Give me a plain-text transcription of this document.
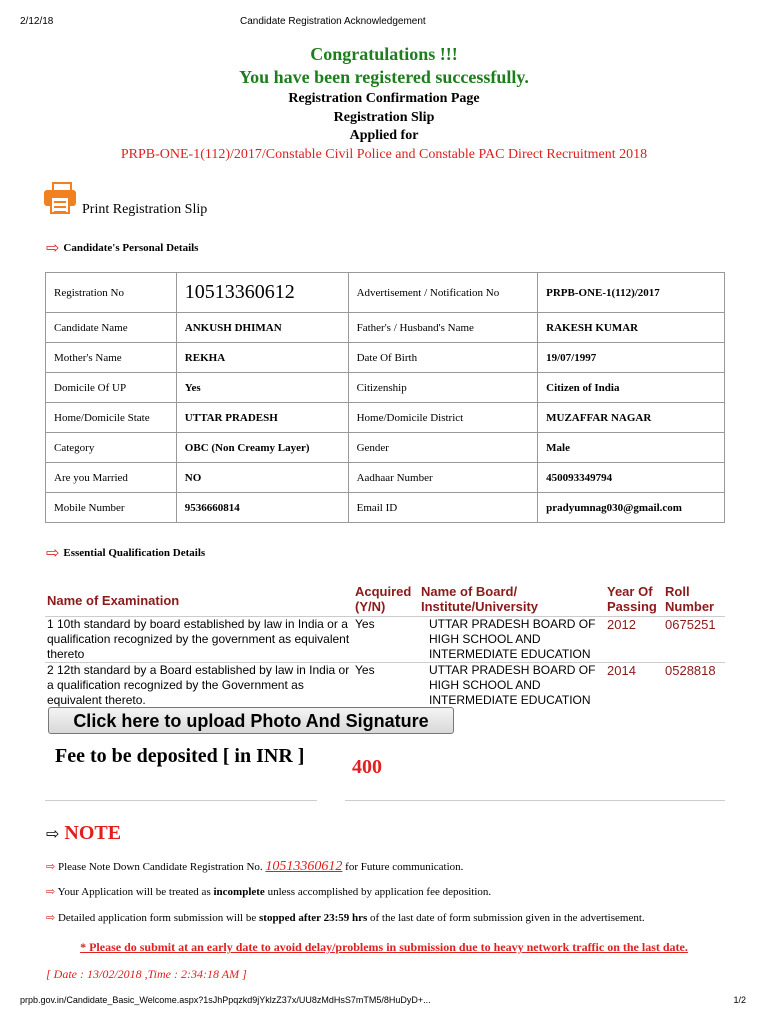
2/12/18	Candidate Registration Acknowledgement
Congratulations !!!
You have been registered successfully.
Registration Confirmation Page
Registration Slip
Applied for
PRPB-ONE-1(112)/2017/Constable Civil Police and Constable PAC Direct Recruitment 2018
Print Registration Slip
⇨ Candidate's Personal Details
Registration No	10513360612	Advertisement / Notification No	PRPB-ONE-1(112)/2017
Candidate Name	ANKUSH DHIMAN	Father's / Husband's Name	RAKESH KUMAR
Mother's Name	REKHA	Date Of Birth	19/07/1997
Domicile Of UP	Yes	Citizenship	Citizen of India
Home/Domicile State	UTTAR PRADESH	Home/Domicile District	MUZAFFAR NAGAR
Category	OBC (Non Creamy Layer)	Gender	Male
Are you Married	NO	Aadhaar Number	450093349794
Mobile Number	9536660814	Email ID	pradyumnag030@gmail.com
⇨ Essential Qualification Details
Name of Examination	Acquired (Y/N)	Name of Board/ Institute/University	Year Of Passing	Roll Number
1 10th standard by board established by law in India or a qualification recognized by the government as equivalent thereto	Yes	UTTAR PRADESH BOARD OF HIGH SCHOOL AND INTERMEDIATE EDUCATION	2012	0675251
2 12th standard by a Board established by law in India or a qualification recognized by the Government as equivalent thereto.	Yes	UTTAR PRADESH BOARD OF HIGH SCHOOL AND INTERMEDIATE EDUCATION	2014	0528818
Click here to upload Photo And Signature
Fee to be deposited [ in INR ]	400
⇨ NOTE
⇨ Please Note Down Candidate Registration No. 10513360612 for Future communication.
⇨ Your Application will be treated as incomplete unless accomplished by application fee deposition.
⇨ Detailed application form submission will be stopped after 23:59 hrs of the last date of form submission given in the advertisement.
* Please do submit at an early date to avoid delay/problems in submission due to heavy network traffic on the last date.
[ Date : 13/02/2018 ,Time : 2:34:18 AM ]
prpb.gov.in/Candidate_Basic_Welcome.aspx?1sJhPpqzkd9jYklzZ37x/UU8zMdHsS7mTM5/8HuDyD+...	1/2
